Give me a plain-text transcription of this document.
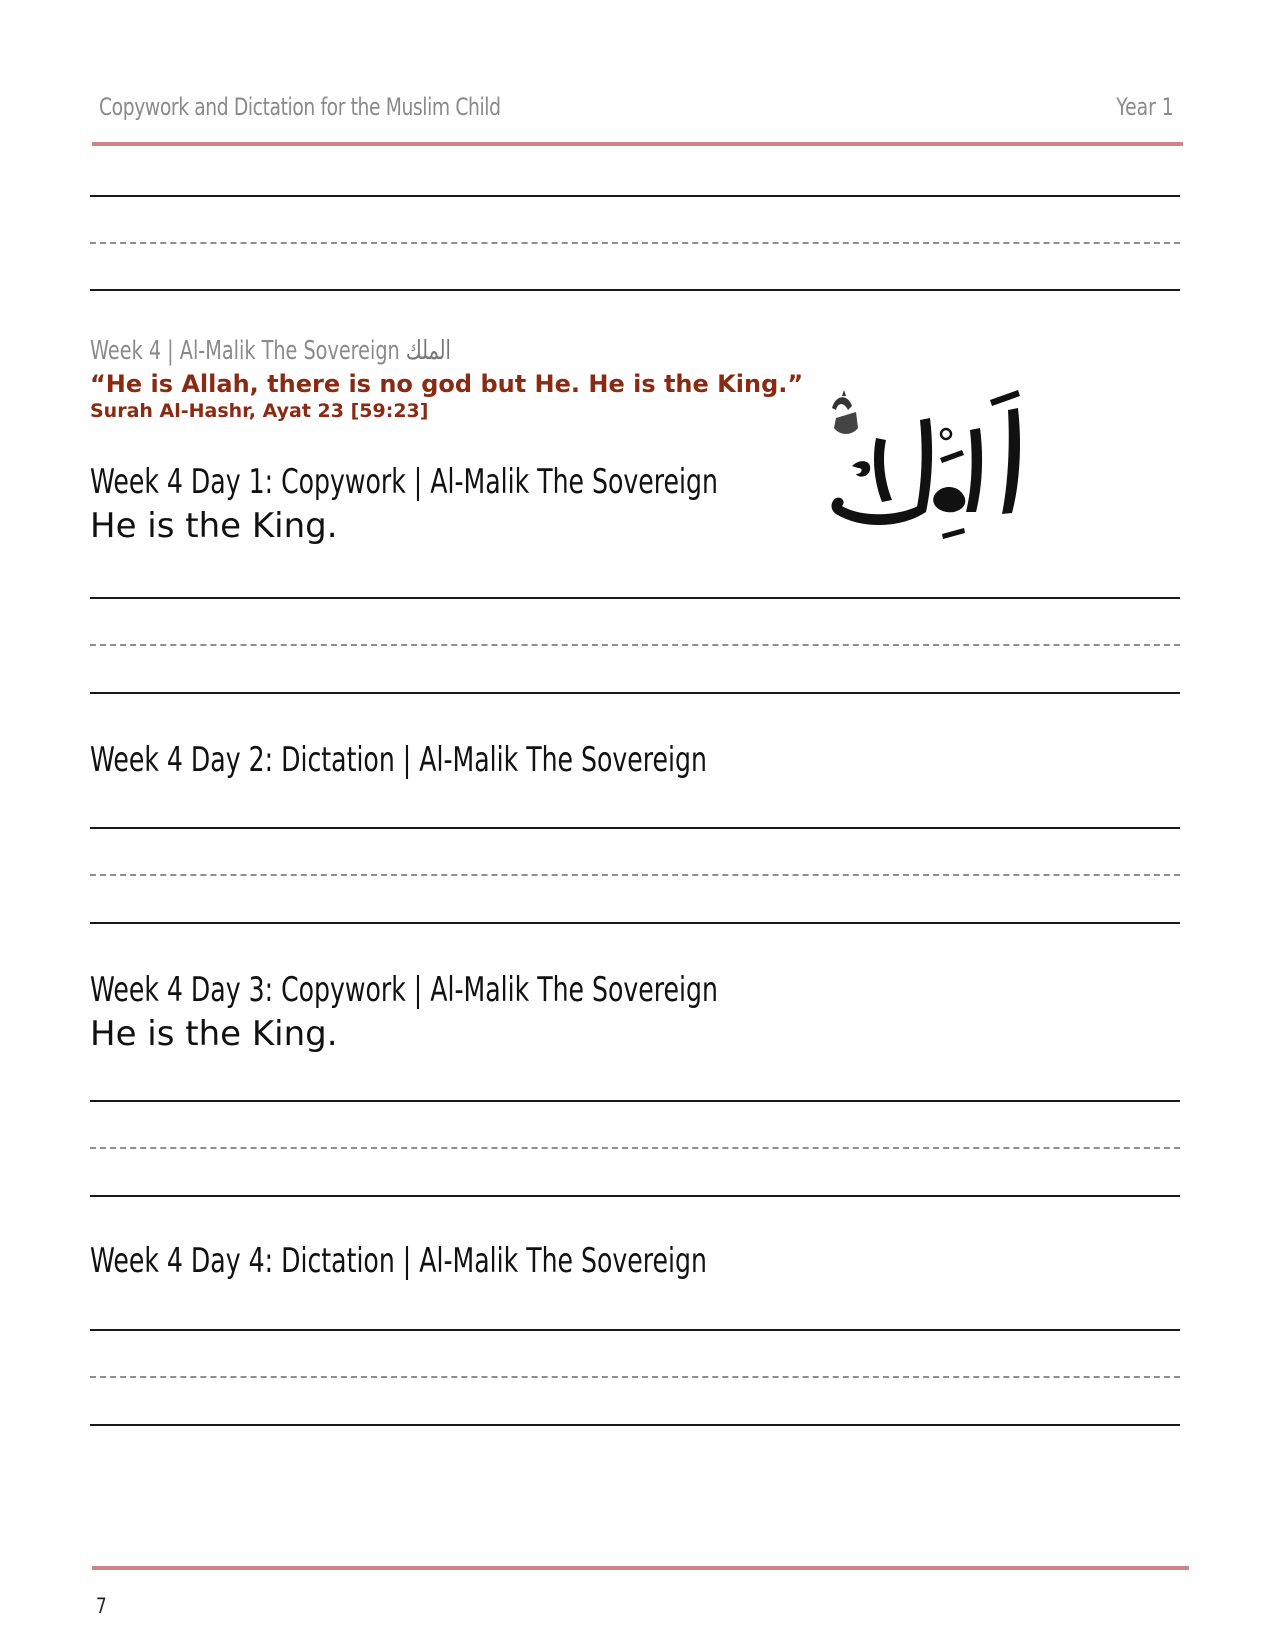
Copywork and Dictation for the Muslim Child	Year 1
Week 4 | Al-Malik The Sovereign الملك
“He is Allah, there is no god but He. He is the King.”
Surah Al-Hashr, Ayat 23 [59:23]
Week 4 Day 1: Copywork | Al-Malik The Sovereign
He is the King.
Week 4 Day 2: Dictation | Al-Malik The Sovereign
Week 4 Day 3: Copywork | Al-Malik The Sovereign
He is the King.
Week 4 Day 4: Dictation | Al-Malik The Sovereign
7
